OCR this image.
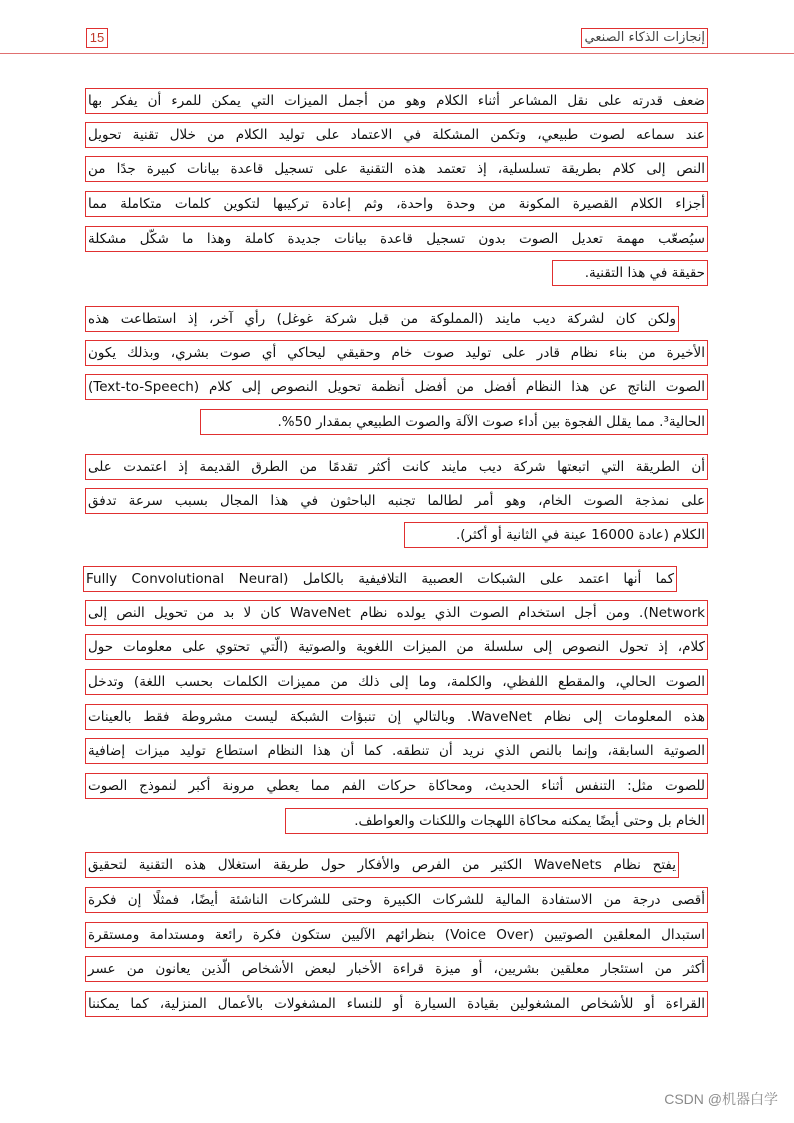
15	إنجازات الذكاء الصنعي
ضعف قدرته على نقل المشاعر أثناء الكلام وهو من أجمل الميزات التي يمكن للمرء أن يفكر بها
عند سماعه لصوت طبيعي، وتكمن المشكلة في الاعتماد على توليد الكلام من خلال تقنية تحويل
النص إلى كلام بطريقة تسلسلية، إذ تعتمد هذه التقنية على تسجيل قاعدة بيانات كبيرة جدًا من
أجزاء الكلام القصيرة المكونة من وحدة واحدة، وثم إعادة تركيبها لتكوين كلمات متكاملة مما
سيُصعّب مهمة تعديل الصوت بدون تسجيل قاعدة بيانات جديدة كاملة وهذا ما شكّل مشكلة
حقيقة في هذا التقنية.
ولكن كان لشركة ديب مايند (المملوكة من قبل شركة غوغل) رأي آخر، إذ استطاعت هذه
الأخيرة من بناء نظام قادر على توليد صوت خام وحقيقي ليحاكي أي صوت بشري، وبذلك يكون
الصوت الناتج عن هذا النظام أفضل من أفضل أنظمة تحويل النصوص إلى كلام (Text-to-Speech)
الحالية³. مما يقلل الفجوة بين أداء صوت الآلة والصوت الطبيعي بمقدار 50%.
أن الطريقة التي اتبعتها شركة ديب مايند كانت أكثر تقدمًا من الطرق القديمة إذ اعتمدت على
على نمذجة الصوت الخام، وهو أمر لطالما تجنبه الباحثون في هذا المجال بسبب سرعة تدفق
الكلام (عادة 16000 عينة في الثانية أو أكثر).
كما أنها اعتمد على الشبكات العصبية التلافيفية بالكامل (Fully Convolutional Neural
Network). ومن أجل استخدام الصوت الذي يولده نظام WaveNet كان لا بد من تحويل النص إلى
كلام، إذ تحول النصوص إلى سلسلة من الميزات اللغوية والصوتية (الّتي تحتوي على معلومات حول
الصوت الحالي، والمقطع اللفظي، والكلمة، وما إلى ذلك من مميزات الكلمات بحسب اللغة) وتدخل
هذه المعلومات إلى نظام WaveNet. وبالتالي إن تنبؤات الشبكة ليست مشروطة فقط بالعينات
الصوتية السابقة، وإنما بالنص الذي نريد أن تنطقه. كما أن هذا النظام استطاع توليد ميزات إضافية
للصوت مثل: التنفس أثناء الحديث، ومحاكاة حركات الفم مما يعطي مرونة أكبر لنموذج الصوت
الخام بل وحتى أيضًا يمكنه محاكاة اللهجات واللكنات والعواطف.
يفتح نظام WaveNets الكثير من الفرص والأفكار حول طريقة استغلال هذه التقنية لتحقيق
أقصى درجة من الاستفادة المالية للشركات الكبيرة وحتى للشركات الناشئة أيضًا، فمثلًا إن فكرة
استبدال المعلقين الصوتيين (Voice Over) بنظرائهم الآليين ستكون فكرة رائعة ومستدامة ومستقرة
أكثر من استئجار معلقين بشريين، أو ميزة قراءة الأخبار لبعض الأشخاص الّذين يعانون من عسر
القراءة أو للأشخاص المشغولين بقيادة السيارة أو للنساء المشغولات بالأعمال المنزلية، كما يمكننا
CSDN @机器白学
